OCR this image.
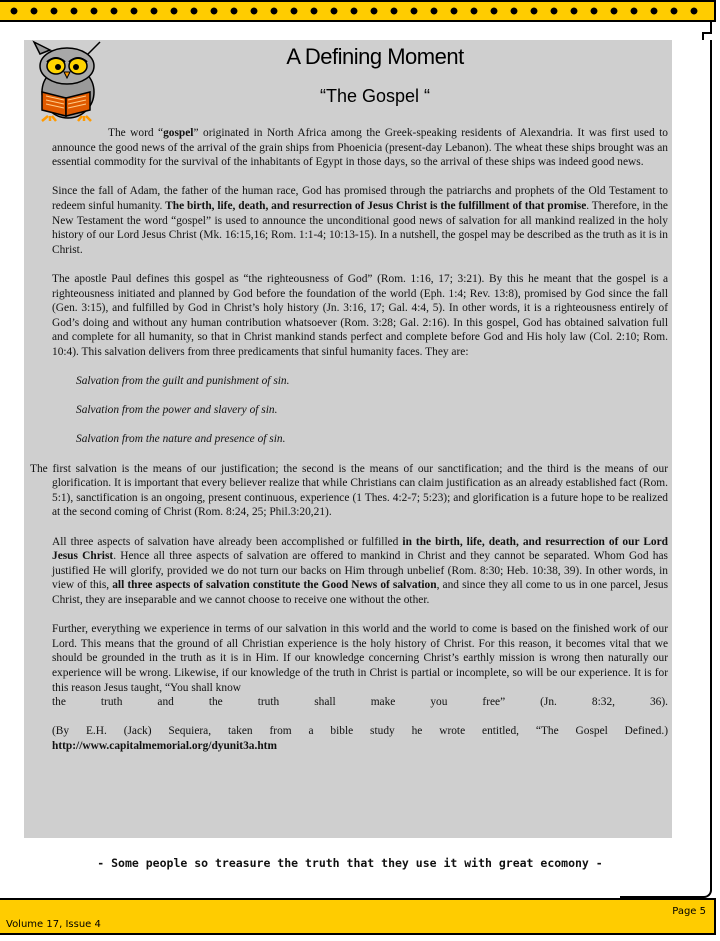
A Defining Moment
“The Gospel “

The word “gospel” originated in North Africa among the Greek-speaking residents of Alexandria. It was first used to announce the good news of the arrival of the grain ships from Phoenicia (present-day Lebanon). The wheat these ships brought was an essential commodity for the survival of the inhabitants of Egypt in those days, so the arrival of these ships was indeed good news.

Since the fall of Adam, the father of the human race, God has promised through the patriarchs and prophets of the Old Testament to redeem sinful humanity. The birth, life, death, and resurrection of Jesus Christ is the fulfillment of that promise. Therefore, in the New Testament the word “gospel” is used to announce the unconditional good news of salvation for all mankind realized in the holy history of our Lord Jesus Christ (Mk. 16:15,16; Rom. 1:1-4; 10:13-15). In a nutshell, the gospel may be described as the truth as it is in Christ.

The apostle Paul defines this gospel as “the righteousness of God” (Rom. 1:16, 17; 3:21). By this he meant that the gospel is a righteousness initiated and planned by God before the foundation of the world (Eph. 1:4; Rev. 13:8), promised by God since the fall (Gen. 3:15), and fulfilled by God in Christ’s holy history (Jn. 3:16, 17; Gal. 4:4, 5). In other words, it is a righteousness entirely of God’s doing and without any human contribution whatsoever (Rom. 3:28; Gal. 2:16). In this gospel, God has obtained salvation full and complete for all humanity, so that in Christ mankind stands perfect and complete before God and His holy law (Col. 2:10; Rom. 10:4). This salvation delivers from three predicaments that sinful humanity faces. They are:

Salvation from the guilt and punishment of sin.

Salvation from the power and slavery of sin.

Salvation from the nature and presence of sin.

The first salvation is the means of our justification; the second is the means of our sanctification; and the third is the means of our glorification. It is important that every believer realize that while Christians can claim justification as an already established fact (Rom. 5:1), sanctification is an ongoing, present continuous, experience (1 Thes. 4:2-7; 5:23); and glorification is a future hope to be realized at the second coming of Christ (Rom. 8:24, 25; Phil.3:20,21).

All three aspects of salvation have already been accomplished or fulfilled in the birth, life, death, and resurrection of our Lord Jesus Christ. Hence all three aspects of salvation are offered to mankind in Christ and they cannot be separated. Whom God has justified He will glorify, provided we do not turn our backs on Him through unbelief (Rom. 8:30; Heb. 10:38, 39). In other words, in view of this, all three aspects of salvation constitute the Good News of salvation, and since they all come to us in one parcel, Jesus Christ, they are inseparable and we cannot choose to receive one without the other.

Further, everything we experience in terms of our salvation in this world and the world to come is based on the finished work of our Lord. This means that the ground of all Christian experience is the holy history of Christ. For this reason, it becomes vital that we should be grounded in the truth as it is in Him. If our knowledge concerning Christ’s earthly mission is wrong then naturally our experience will be wrong. Likewise, if our knowledge of the truth in Christ is partial or incomplete, so will be our experience. It is for this reason Jesus taught, “You shall know

the truth and the truth shall make you free” (Jn. 8:32, 36).

(By E.H. (Jack) Sequiera, taken from a bible study he wrote entitled, “The Gospel Defined.)

http://www.capitalmemorial.org/dyunit3a.htm

- Some people so treasure the truth that they use it with great ecomony -
Page 5
Volume 17, Issue 4
